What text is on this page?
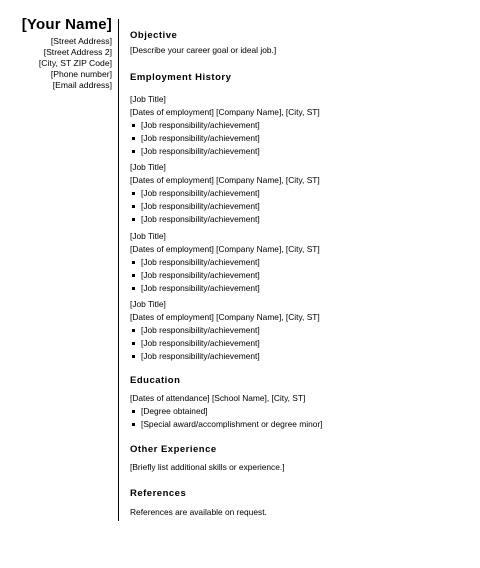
[Your Name]
[Street Address]
[Street Address 2]
[City, ST ZIP Code]
[Phone number]
[Email address]
Objective
[Describe your career goal or ideal job.]
Employment History
[Job Title]
[Dates of employment] [Company Name], [City, ST]
[Job responsibility/achievement]
[Job responsibility/achievement]
[Job responsibility/achievement]
[Job Title]
[Dates of employment] [Company Name], [City, ST]
[Job responsibility/achievement]
[Job responsibility/achievement]
[Job responsibility/achievement]
[Job Title]
[Dates of employment] [Company Name], [City, ST]
[Job responsibility/achievement]
[Job responsibility/achievement]
[Job responsibility/achievement]
[Job Title]
[Dates of employment] [Company Name], [City, ST]
[Job responsibility/achievement]
[Job responsibility/achievement]
[Job responsibility/achievement]
Education
[Dates of attendance] [School Name], [City, ST]
[Degree obtained]
[Special award/accomplishment or degree minor]
Other Experience
[Briefly list additional skills or experience.]
References
References are available on request.
